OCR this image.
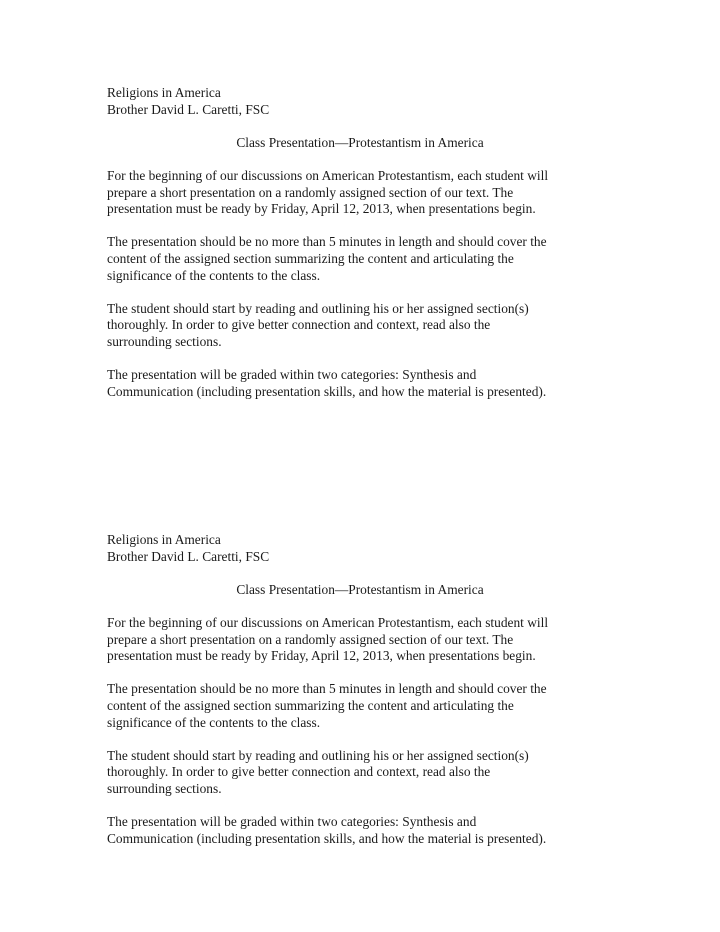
Religions in America

Brother David L. Caretti, FSC

Class Presentation—Protestantism in America

For the beginning of our discussions on American Protestantism, each student will
prepare a short presentation on a randomly assigned section of our text. The
presentation must be ready by Friday, April 12, 2013, when presentations begin.

The presentation should be no more than 5 minutes in length and should cover the
content of the assigned section summarizing the content and articulating the
significance of the contents to the class.

The student should start by reading and outlining his or her assigned section(s)
thoroughly. In order to give better connection and context, read also the
surrounding sections.

The presentation will be graded within two categories: Synthesis and
Communication (including presentation skills, and how the material is presented).

Religions in America

Brother David L. Caretti, FSC

Class Presentation—Protestantism in America

For the beginning of our discussions on American Protestantism, each student will
prepare a short presentation on a randomly assigned section of our text. The
presentation must be ready by Friday, April 12, 2013, when presentations begin.

The presentation should be no more than 5 minutes in length and should cover the
content of the assigned section summarizing the content and articulating the
significance of the contents to the class.

The student should start by reading and outlining his or her assigned section(s)
thoroughly. In order to give better connection and context, read also the
surrounding sections.

The presentation will be graded within two categories: Synthesis and
Communication (including presentation skills, and how the material is presented).
